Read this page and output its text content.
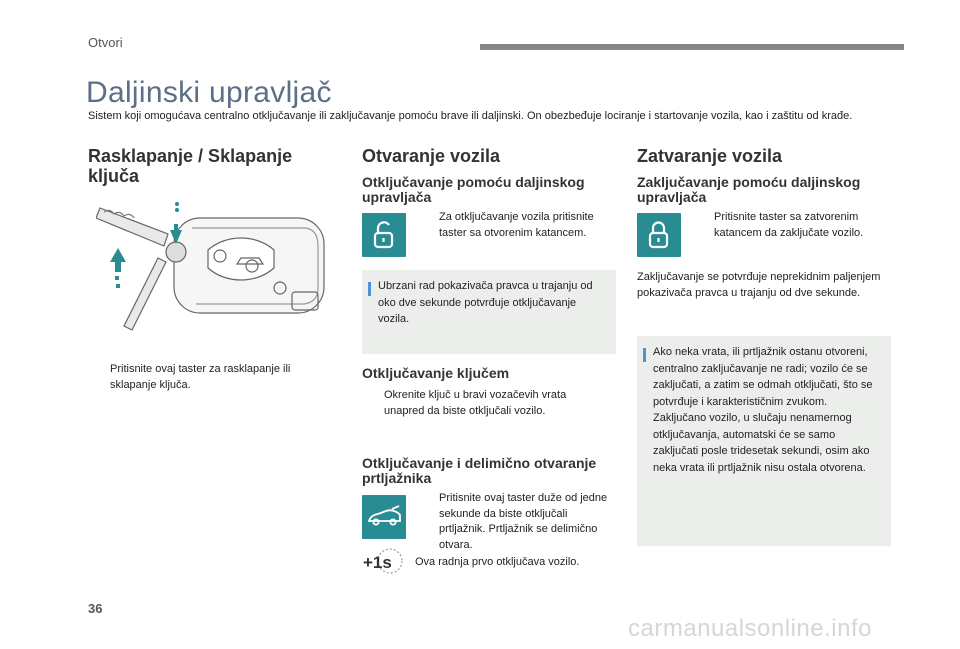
Otvori
Daljinski upravljač

Sistem koji omogućava centralno otključavanje ili zaključavanje pomoću brave ili daljinski. On obezbeđuje lociranje i startovanje vozila, kao i zaštitu od krađe.

Rasklapanje / Sklapanje ključa
Pritisnite ovaj taster za rasklapanje ili sklapanje ključa.
Otvaranje vozila
Otključavanje pomoću daljinskog upravljača
Za otključavanje vozila pritisnite taster sa otvorenim katancem.
Ubrzani rad pokazivača pravca u trajanju od oko dve sekunde potvrđuje otključavanje vozila.
Otključavanje ključem
Okrenite ključ u bravi vozačevih vrata unapred da biste otključali vozilo.
Otključavanje i delimično otvaranje prtljažnika
Pritisnite ovaj taster duže od jedne sekunde da biste otključali prtljažnik. Prtljažnik se delimično otvara.
+1s Ova radnja prvo otključava vozilo.
Zatvaranje vozila
Zaključavanje pomoću daljinskog upravljača
Pritisnite taster sa zatvorenim katancem da zaključate vozilo.
Zaključavanje se potvrđuje neprekidnim paljenjem pokazivača pravca u trajanju od dve sekunde.
Ako neka vrata, ili prtljažnik ostanu otvoreni, centralno zaključavanje ne radi; vozilo će se zaključati, a zatim se odmah otključati, što se potvrđuje i karakterističnim zvukom. Zaključano vozilo, u slučaju nenamernog otključavanja, automatski će se samo zaključati posle tridesetak sekundi, osim ako neka vrata ili prtljažnik nisu ostala otvorena.
36
carmanualsonline.info
